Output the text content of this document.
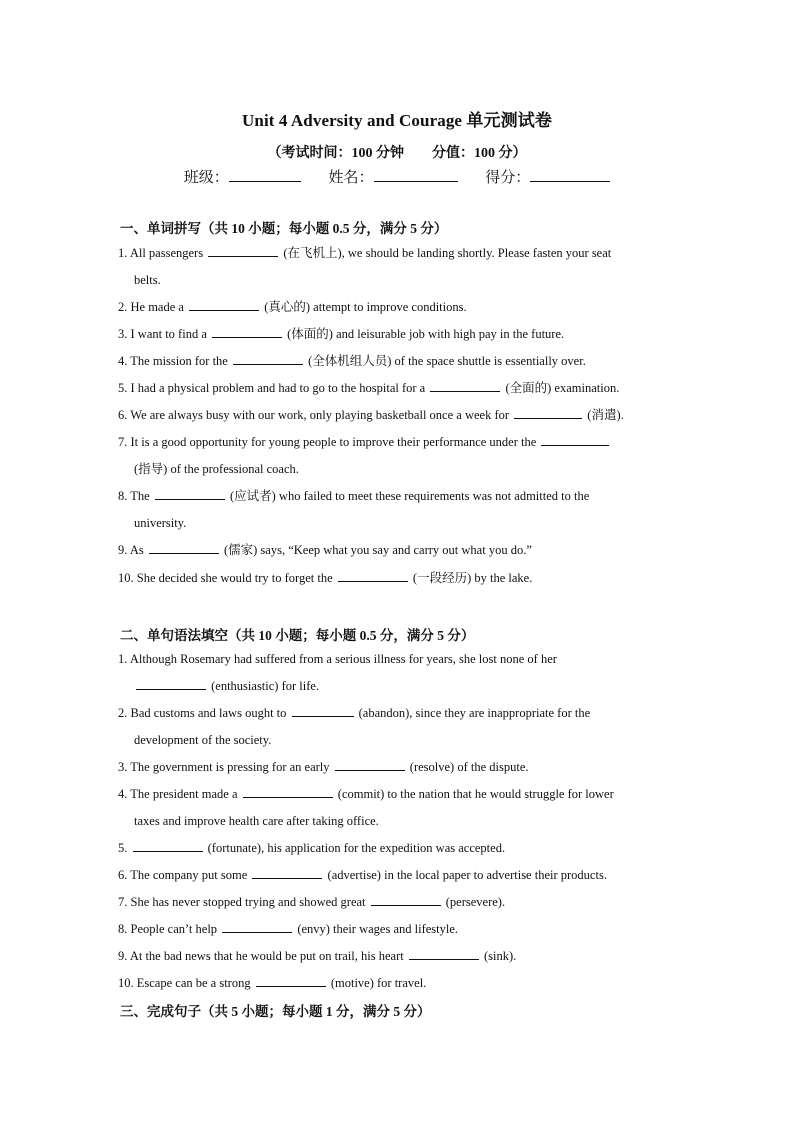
Unit 4 Adversity and Courage 单元测试卷
（考试时间：100 分钟 分值：100 分）
班级：	姓名：	得分：
一、单词拼写（共 10 小题；每小题 0.5 分，满分 5 分）
1. All passengers	(在飞机上), we should be landing shortly. Please fasten your seat
belts.
2. He made a	(真心的) attempt to improve conditions.
3. I want to find a	(体面的) and leisurable job with high pay in the future.
4. The mission for the	(全体机组人员) of the space shuttle is essentially over.
5. I had a physical problem and had to go to the hospital for a	(全面的) examination.
6. We are always busy with our work, only playing basketball once a week for	(消遣).
7. It is a good opportunity for young people to improve their performance under the
(指导) of the professional coach.
8. The	(应试者) who failed to meet these requirements was not admitted to the
university.
9. As	(儒家) says, “Keep what you say and carry out what you do.”
10. She decided she would try to forget the	(一段经历) by the lake.
二、单句语法填空（共 10 小题；每小题 0.5 分，满分 5 分）
1. Although Rosemary had suffered from a serious illness for years, she lost none of her
(enthusiastic) for life.
2. Bad customs and laws ought to	(abandon), since they are inappropriate for the
development of the society.
3. The government is pressing for an early	(resolve) of the dispute.
4. The president made a	(commit) to the nation that he would struggle for lower
taxes and improve health care after taking office.
5.	(fortunate), his application for the expedition was accepted.
6. The company put some	(advertise) in the local paper to advertise their products.
7. She has never stopped trying and showed great	(persevere).
8. People can’t help	(envy) their wages and lifestyle.
9. At the bad news that he would be put on trail, his heart	(sink).
10. Escape can be a strong	(motive) for travel.
三、完成句子（共 5 小题；每小题 1 分，满分 5 分）
